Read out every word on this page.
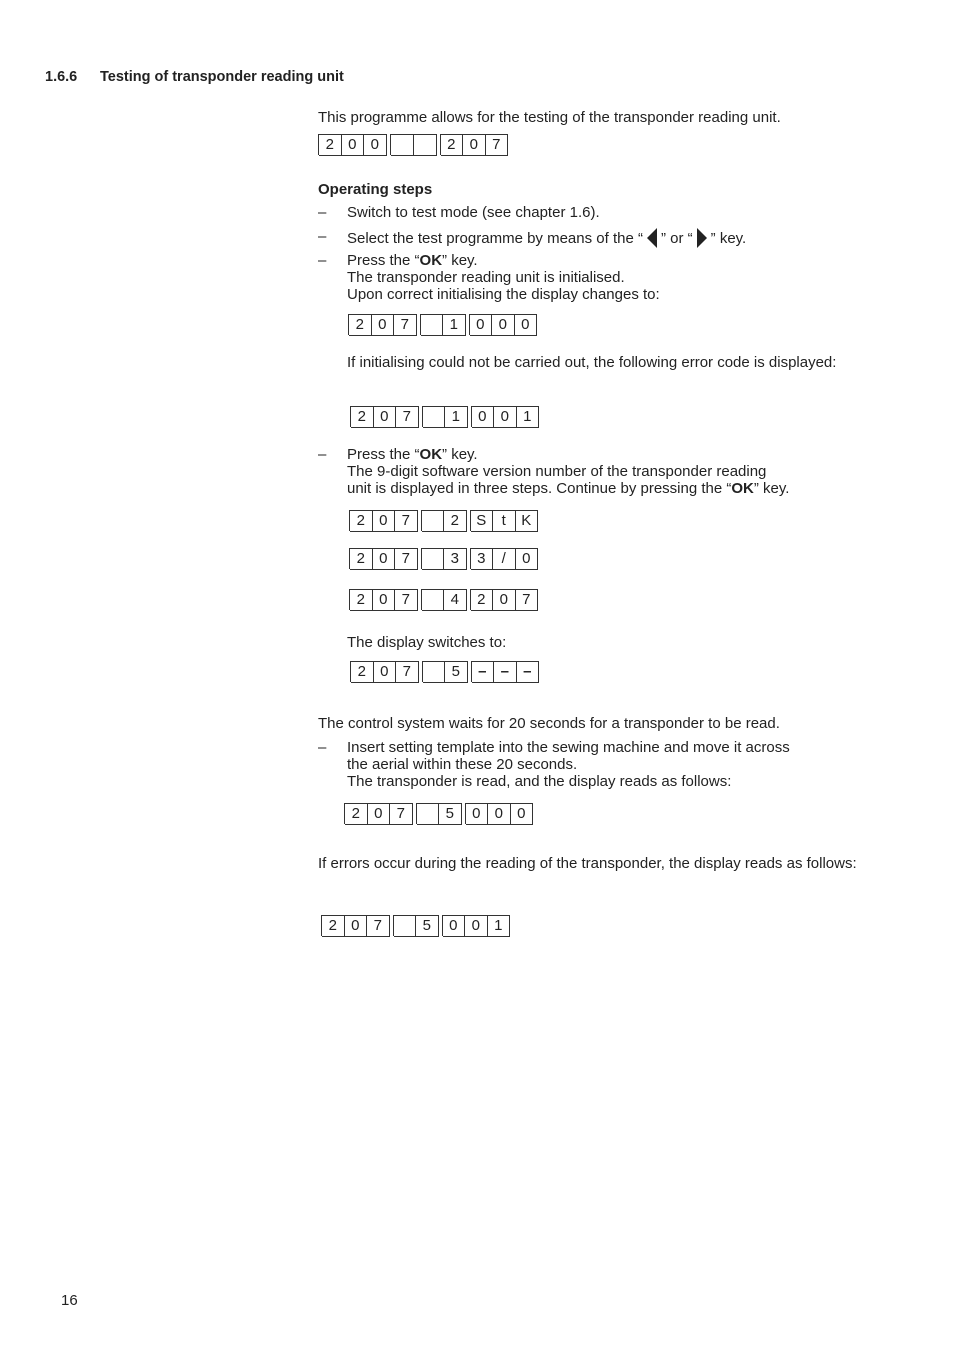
1.6.6 Testing of transponder reading unit
This programme allows for the testing of the transponder reading unit.
2 0 0	2 0 7
Operating steps
– Switch to test mode (see chapter 1.6).
– Select the test programme by means of the “ ” or “ ” key.
– Press the “OK” key.
The transponder reading unit is initialised.
Upon correct initialising the display changes to:
2 0 7	1	0 0 0
If initialising could not be carried out, the following error code is displayed:
2 0 7	1	0 0 1
– Press the “OK” key.
The 9-digit software version number of the transponder reading
unit is displayed in three steps. Continue by pressing the “OK” key.
2 0 7	2	S	t	K
2 0 7	3	3	/	0
2 0 7	4	2 0 7
The display switches to:
2 0 7	5	– – –
The control system waits for 20 seconds for a transponder to be read.
– Insert setting template into the sewing machine and move it across
the aerial within these 20 seconds.
The transponder is read, and the display reads as follows:
2 0 7	5	0 0 0
If errors occur during the reading of the transponder, the display reads as follows:
2 0 7	5	0 0 1
16
